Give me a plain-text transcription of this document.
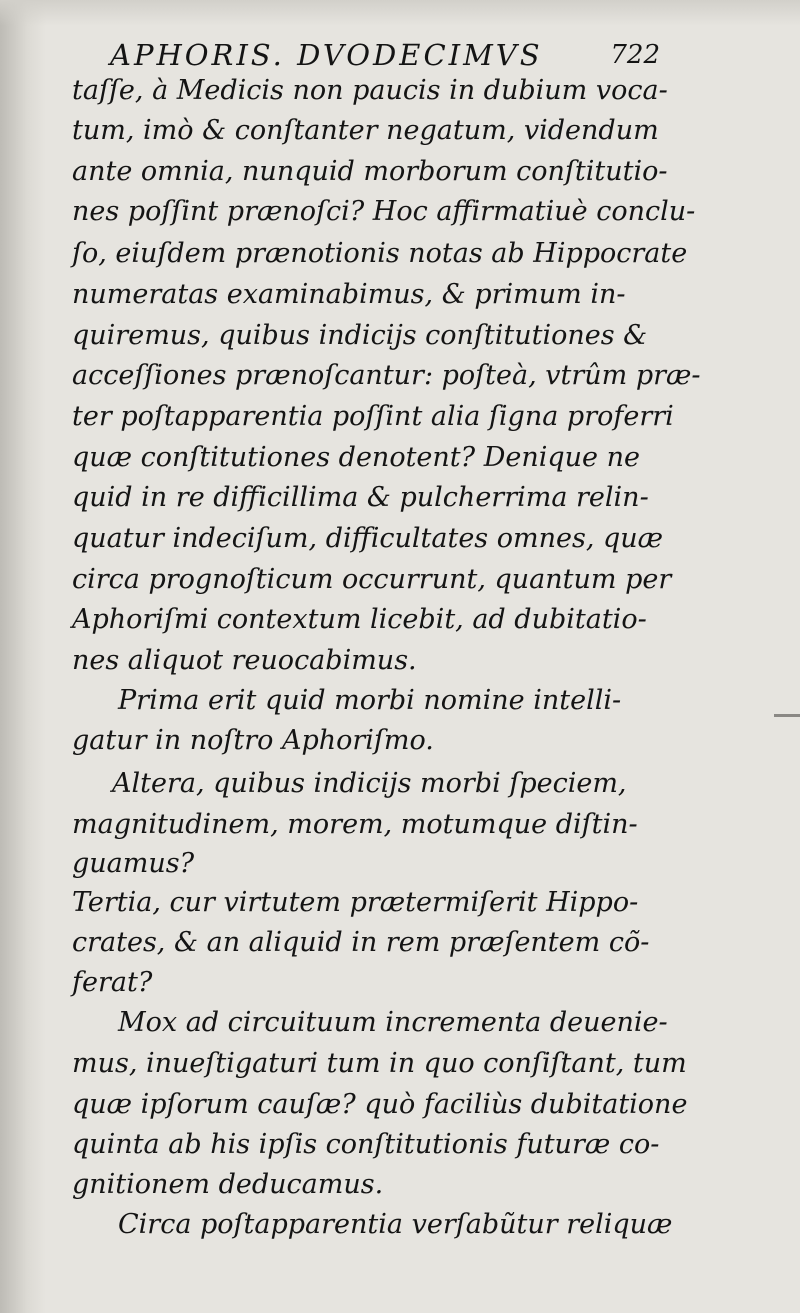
APHORIS. DVODECIMVS	722
taſſe, à Medicis non paucis in dubium voca-
tum, imò & conſtanter negatum, videndum
ante omnia, nunquid morborum conſtitutio-
nes poſſint prænoſci? Hoc affirmatiuè conclu-
ſo, eiuſdem prænotionis notas ab Hippocrate
numeratas examinabimus, & primum in-
quiremus, quibus indicijs conſtitutiones &
acceſſiones prænoſcantur: poſteà, vtrûm præ-
ter poſtapparentia poſſint alia ſigna proferri
quæ conſtitutiones denotent? Denique ne
quid in re difficillima & pulcherrima relin-
quatur indeciſum, difficultates omnes, quæ
circa prognoſticum occurrunt, quantum per
Aphoriſmi contextum licebit, ad dubitatio-
nes aliquot reuocabimus.
Prima erit quid morbi nomine intelli-
gatur in noſtro Aphoriſmo.
Altera, quibus indicijs morbi ſpeciem,
magnitudinem, morem, motumque diſtin-
guamus?
Tertia, cur virtutem prætermiſerit Hippo-
crates, & an aliquid in rem præſentem cõ-
ferat?
Mox ad circuituum incrementa deuenie-
mus, inueſtigaturi tum in quo conſiſtant, tum
quæ ipſorum cauſæ? quò faciliùs dubitatione
quinta ab his ipſis conſtitutionis futuræ co-
gnitionem deducamus.
Circa poſtapparentia verſabũtur reliquæ
